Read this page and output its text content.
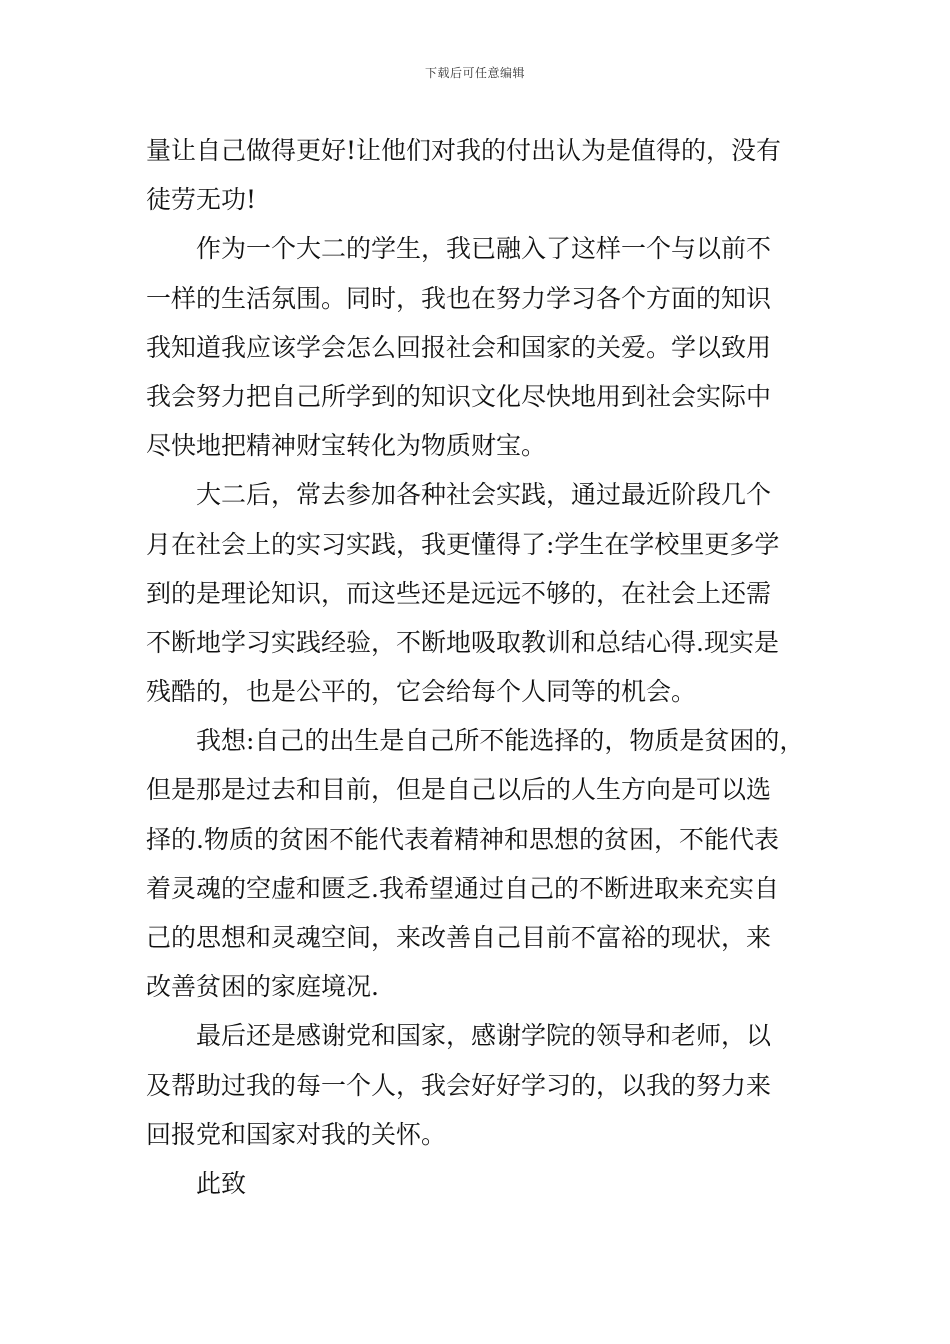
下载后可任意编辑
量让自己做得更好!让他们对我的付出认为是值得的，没有
徒劳无功!
作为一个大二的学生，我已融入了这样一个与以前不
一样的生活氛围。同时，我也在努力学习各个方面的知识
我知道我应该学会怎么回报社会和国家的关爱。学以致用
我会努力把自己所学到的知识文化尽快地用到社会实际中
尽快地把精神财宝转化为物质财宝。
大二后，常去参加各种社会实践，通过最近阶段几个
月在社会上的实习实践，我更懂得了:学生在学校里更多学
到的是理论知识，而这些还是远远不够的，在社会上还需
不断地学习实践经验，不断地吸取教训和总结心得.现实是
残酷的，也是公平的，它会给每个人同等的机会。
我想:自己的出生是自己所不能选择的，物质是贫困的，
但是那是过去和目前，但是自己以后的人生方向是可以选
择的.物质的贫困不能代表着精神和思想的贫困，不能代表
着灵魂的空虚和匮乏.我希望通过自己的不断进取来充实自
己的思想和灵魂空间，来改善自己目前不富裕的现状，来
改善贫困的家庭境况.
最后还是感谢党和国家，感谢学院的领导和老师，以
及帮助过我的每一个人，我会好好学习的，以我的努力来
回报党和国家对我的关怀。
此致
